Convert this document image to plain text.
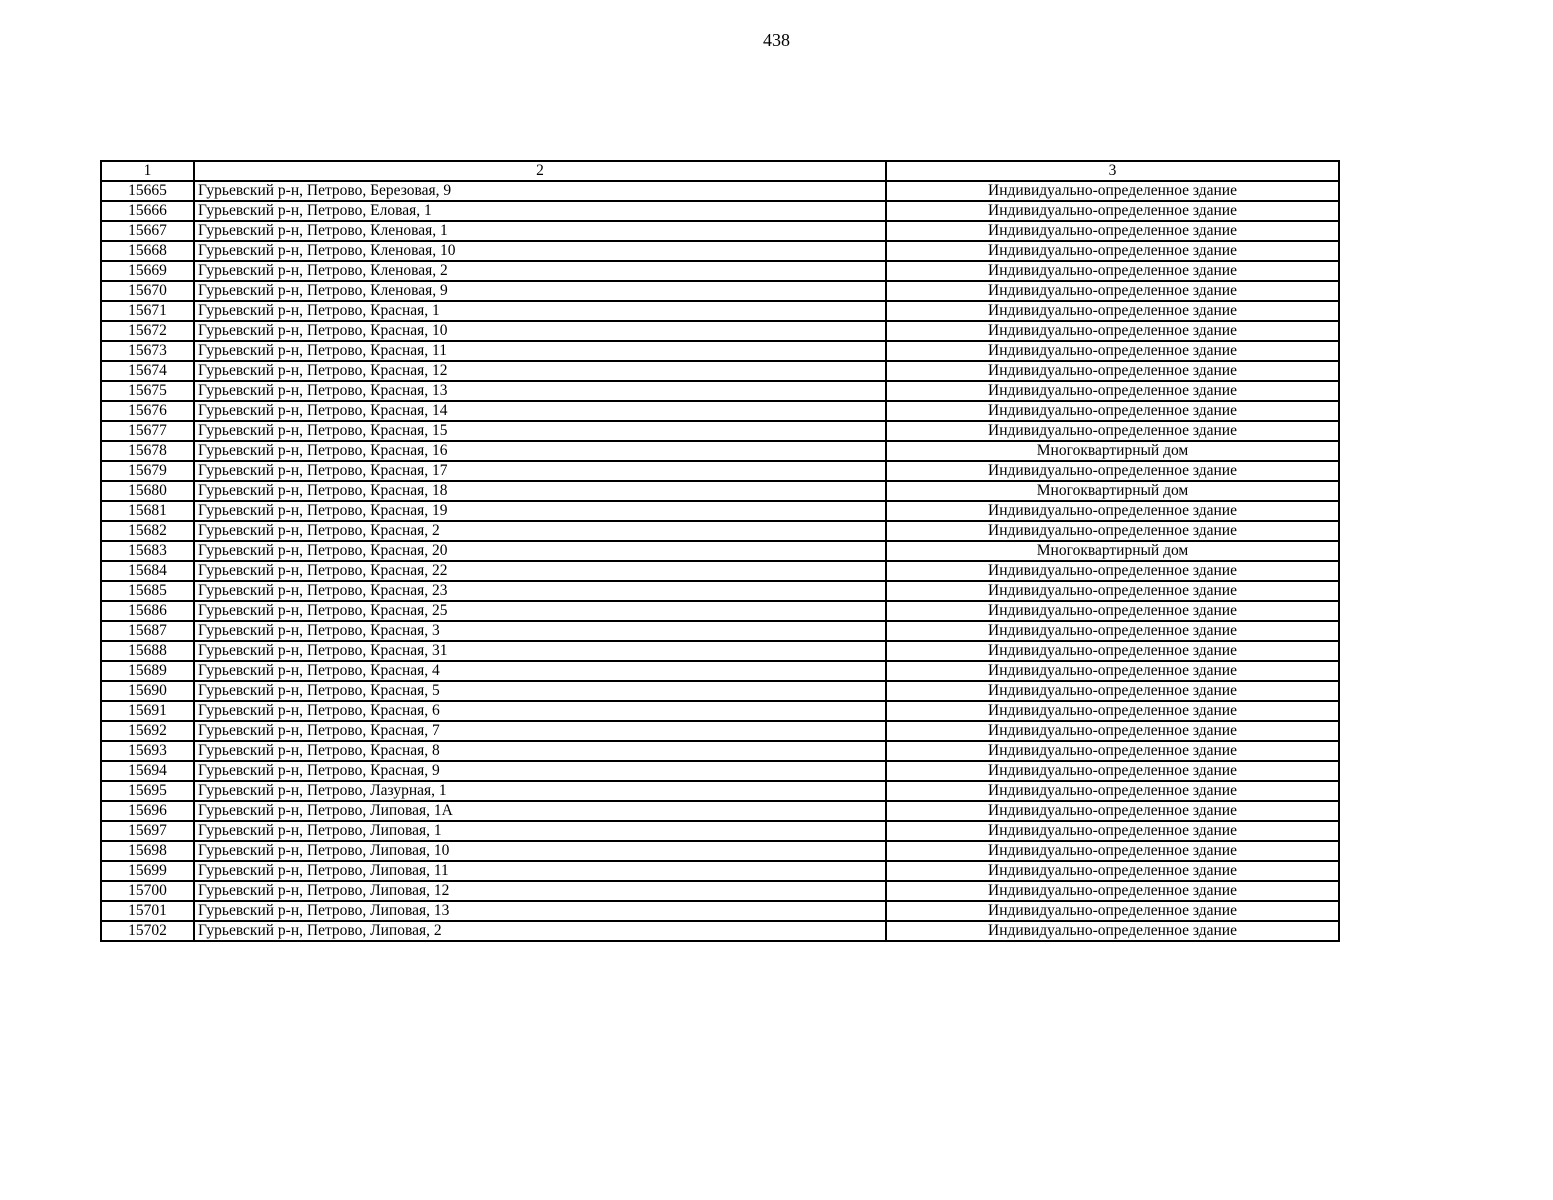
438
1	2	3
15665	Гурьевский р-н, Петрово, Березовая, 9	Индивидуально-определенное здание
15666	Гурьевский р-н, Петрово, Еловая, 1	Индивидуально-определенное здание
15667	Гурьевский р-н, Петрово, Кленовая, 1	Индивидуально-определенное здание
15668	Гурьевский р-н, Петрово, Кленовая, 10	Индивидуально-определенное здание
15669	Гурьевский р-н, Петрово, Кленовая, 2	Индивидуально-определенное здание
15670	Гурьевский р-н, Петрово, Кленовая, 9	Индивидуально-определенное здание
15671	Гурьевский р-н, Петрово, Красная, 1	Индивидуально-определенное здание
15672	Гурьевский р-н, Петрово, Красная, 10	Индивидуально-определенное здание
15673	Гурьевский р-н, Петрово, Красная, 11	Индивидуально-определенное здание
15674	Гурьевский р-н, Петрово, Красная, 12	Индивидуально-определенное здание
15675	Гурьевский р-н, Петрово, Красная, 13	Индивидуально-определенное здание
15676	Гурьевский р-н, Петрово, Красная, 14	Индивидуально-определенное здание
15677	Гурьевский р-н, Петрово, Красная, 15	Индивидуально-определенное здание
15678	Гурьевский р-н, Петрово, Красная, 16	Многоквартирный дом
15679	Гурьевский р-н, Петрово, Красная, 17	Индивидуально-определенное здание
15680	Гурьевский р-н, Петрово, Красная, 18	Многоквартирный дом
15681	Гурьевский р-н, Петрово, Красная, 19	Индивидуально-определенное здание
15682	Гурьевский р-н, Петрово, Красная, 2	Индивидуально-определенное здание
15683	Гурьевский р-н, Петрово, Красная, 20	Многоквартирный дом
15684	Гурьевский р-н, Петрово, Красная, 22	Индивидуально-определенное здание
15685	Гурьевский р-н, Петрово, Красная, 23	Индивидуально-определенное здание
15686	Гурьевский р-н, Петрово, Красная, 25	Индивидуально-определенное здание
15687	Гурьевский р-н, Петрово, Красная, 3	Индивидуально-определенное здание
15688	Гурьевский р-н, Петрово, Красная, 31	Индивидуально-определенное здание
15689	Гурьевский р-н, Петрово, Красная, 4	Индивидуально-определенное здание
15690	Гурьевский р-н, Петрово, Красная, 5	Индивидуально-определенное здание
15691	Гурьевский р-н, Петрово, Красная, 6	Индивидуально-определенное здание
15692	Гурьевский р-н, Петрово, Красная, 7	Индивидуально-определенное здание
15693	Гурьевский р-н, Петрово, Красная, 8	Индивидуально-определенное здание
15694	Гурьевский р-н, Петрово, Красная, 9	Индивидуально-определенное здание
15695	Гурьевский р-н, Петрово, Лазурная, 1	Индивидуально-определенное здание
15696	Гурьевский р-н, Петрово, Липовая, 1А	Индивидуально-определенное здание
15697	Гурьевский р-н, Петрово, Липовая, 1	Индивидуально-определенное здание
15698	Гурьевский р-н, Петрово, Липовая, 10	Индивидуально-определенное здание
15699	Гурьевский р-н, Петрово, Липовая, 11	Индивидуально-определенное здание
15700	Гурьевский р-н, Петрово, Липовая, 12	Индивидуально-определенное здание
15701	Гурьевский р-н, Петрово, Липовая, 13	Индивидуально-определенное здание
15702	Гурьевский р-н, Петрово, Липовая, 2	Индивидуально-определенное здание
